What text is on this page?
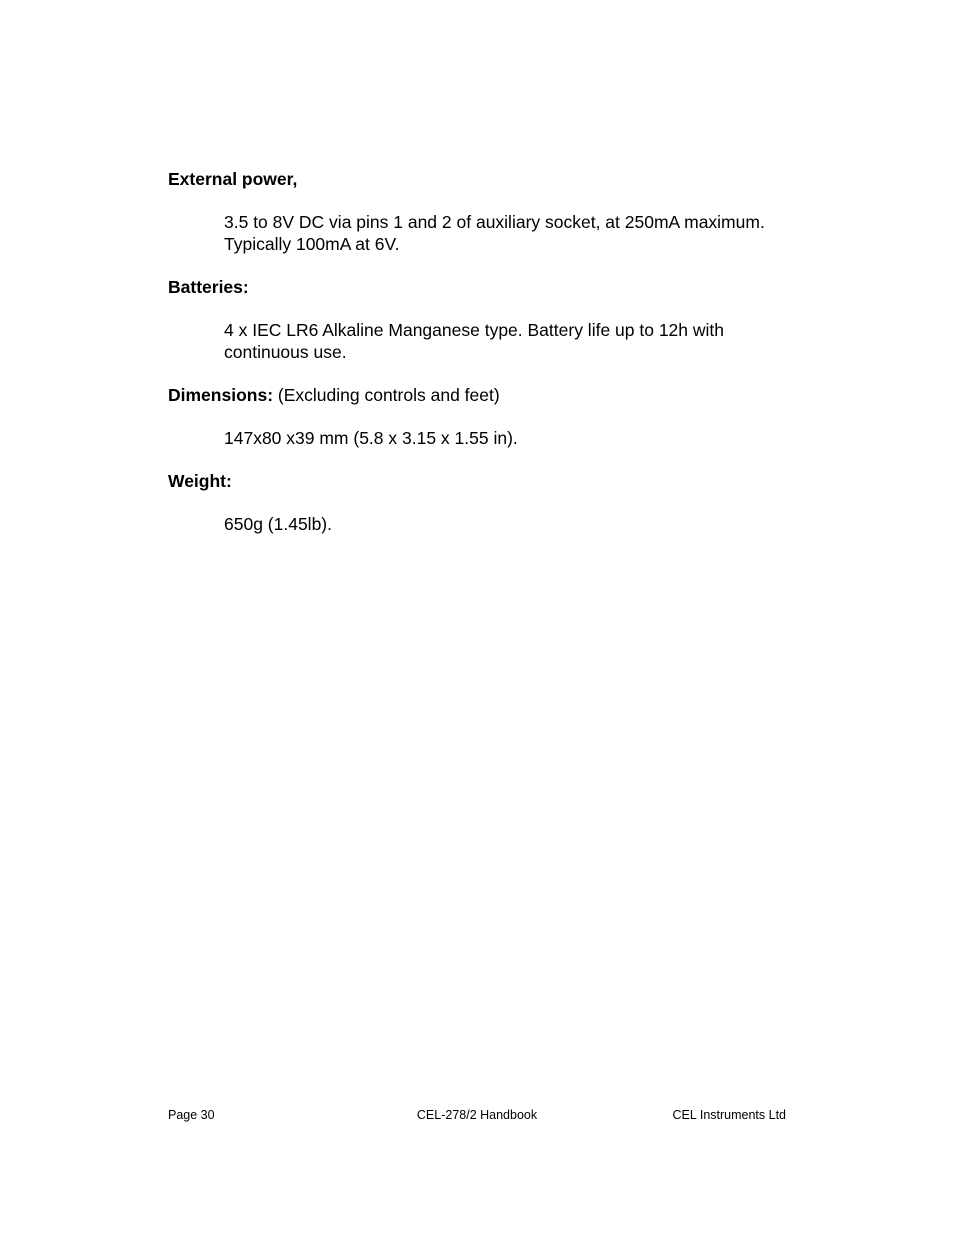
External power,

3.5 to 8V DC via pins 1 and 2 of auxiliary socket, at 250mA maximum. Typically 100mA at 6V.

Batteries:

4 x IEC LR6 Alkaline Manganese type. Battery life up to 12h with continuous use.

Dimensions: (Excluding controls and feet)

147x80 x39 mm (5.8 x 3.15 x 1.55 in).

Weight:

650g (1.45lb).

Page 30	CEL-278/2 Handbook	CEL Instruments Ltd
